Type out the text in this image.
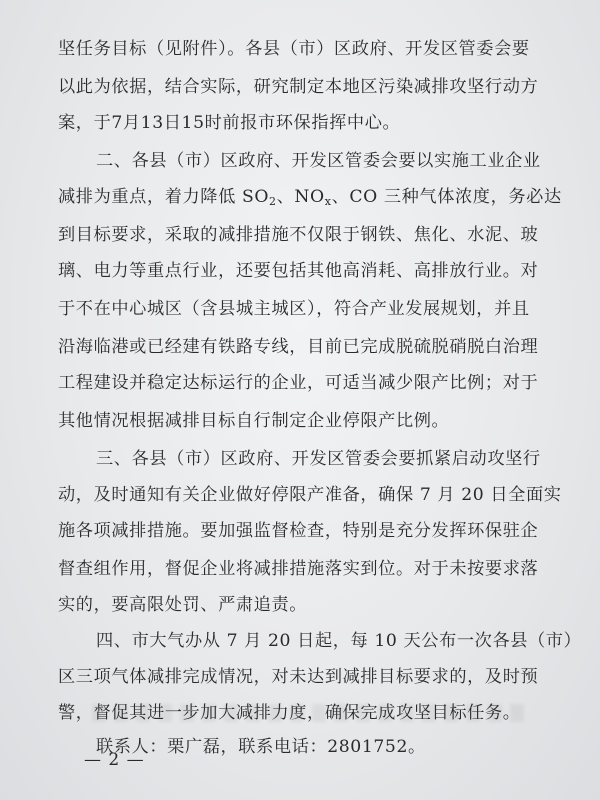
坚任务目标（见附件）。各县（市）区政府、开发区管委会要
以此为依据，结合实际，研究制定本地区污染减排攻坚行动方
案，于7月13日15时前报市环保指挥中心。
二、各县（市）区政府、开发区管委会要以实施工业企业
减排为重点，着力降低 $SO_2$、$NO_x$、CO 三种气体浓度，务必达
到目标要求，采取的减排措施不仅限于钢铁、焦化、水泥、玻
璃、电力等重点行业，还要包括其他高消耗、高排放行业。对
于不在中心城区（含县城主城区），符合产业发展规划，并且
沿海临港或已经建有铁路专线，目前已完成脱硫脱硝脱白治理
工程建设并稳定达标运行的企业，可适当减少限产比例；对于
其他情况根据减排目标自行制定企业停限产比例。
三、各县（市）区政府、开发区管委会要抓紧启动攻坚行
动，及时通知有关企业做好停限产准备，确保 7 月 20 日全面实
施各项减排措施。要加强监督检查，特别是充分发挥环保驻企
督查组作用，督促企业将减排措施落实到位。对于未按要求落
实的，要高限处罚、严肃追责。
四、市大气办从 7 月 20 日起，每 10 天公布一次各县（市）
区三项气体减排完成情况，对未达到减排目标要求的，及时预
警，督促其进一步加大减排力度，确保完成攻坚目标任务。
联系人：栗广磊，联系电话：2801752。
— 2 —
